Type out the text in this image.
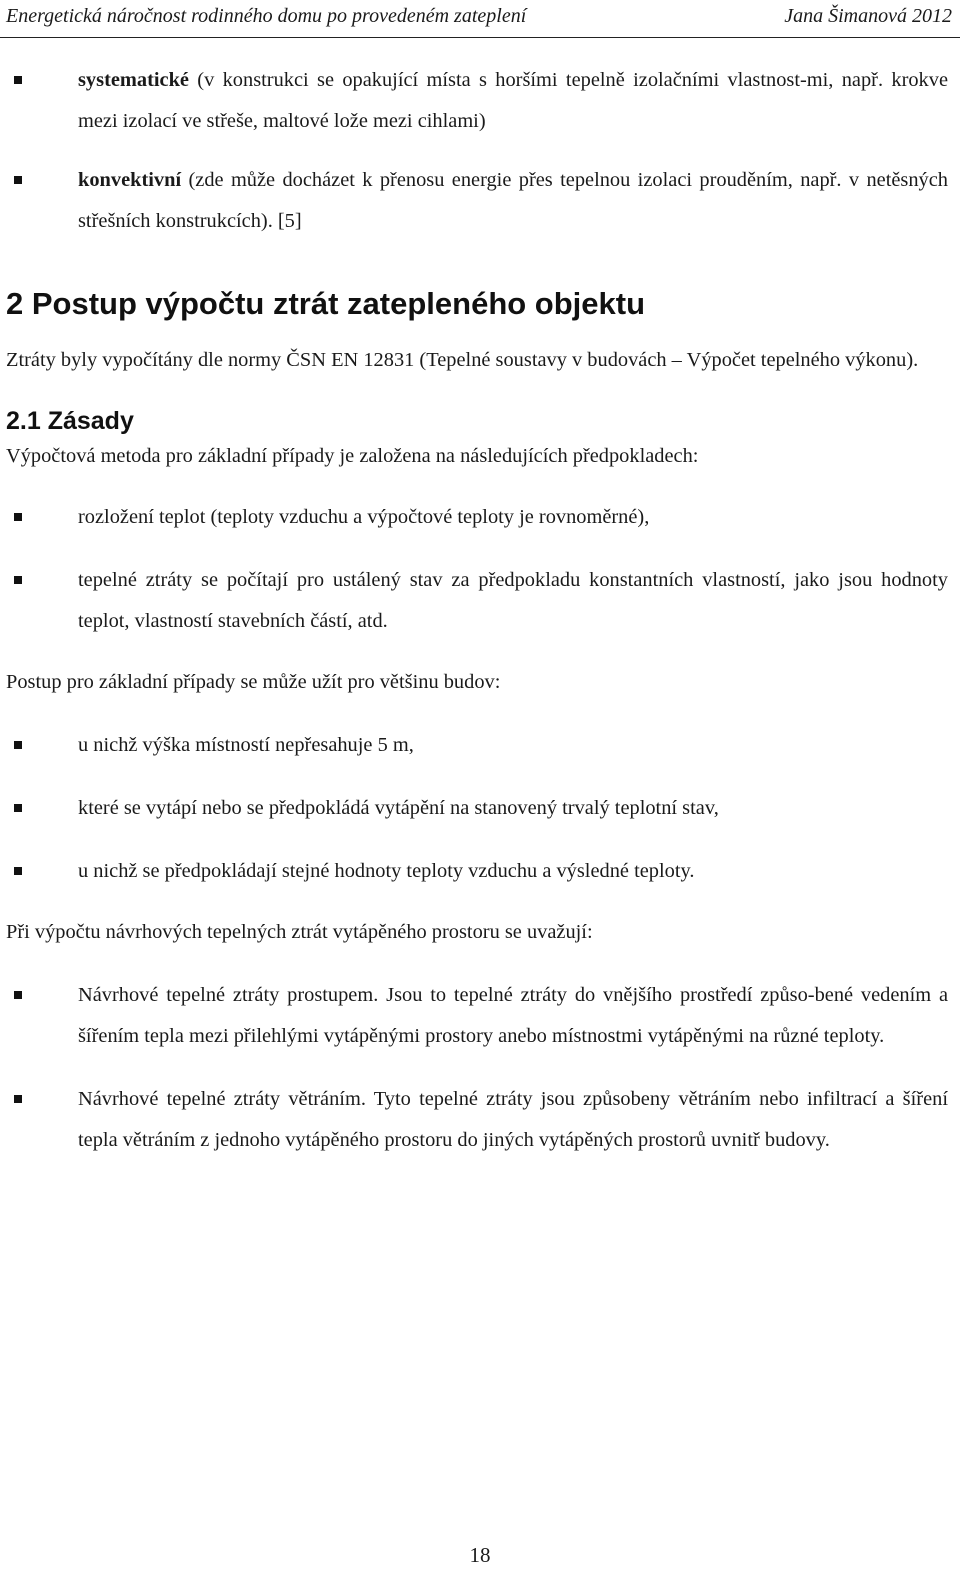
Energetická náročnost rodinného domu po provedeném zateplení	Jana Šimanová 2012
systematické (v konstrukci se opakující místa s horšími tepelně izolačními vlastnost-mi, např. krokve mezi izolací ve střeše, maltové lože mezi cihlami)
konvektivní (zde může docházet k přenosu energie přes tepelnou izolaci prouděním, např. v netěsných střešních konstrukcích). [5]
2 Postup výpočtu ztrát zatepleného objektu

Ztráty byly vypočítány dle normy ČSN EN 12831 (Tepelné soustavy v budovách – Výpočet tepelného výkonu).

2.1 Zásady

Výpočtová metoda pro základní případy je založena na následujících předpokladech:

rozložení teplot (teploty vzduchu a výpočtové teploty je rovnoměrné),
tepelné ztráty se počítají pro ustálený stav za předpokladu konstantních vlastností, jako jsou hodnoty teplot, vlastností stavebních částí, atd.

Postup pro základní případy se může užít pro většinu budov:

u nichž výška místností nepřesahuje 5 m,
které se vytápí nebo se předpokládá vytápění na stanovený trvalý teplotní stav,
u nichž se předpokládají stejné hodnoty teploty vzduchu a výsledné teploty.

Při výpočtu návrhových tepelných ztrát vytápěného prostoru se uvažují:

Návrhové tepelné ztráty prostupem. Jsou to tepelné ztráty do vnějšího prostředí způso-bené vedením a šířením tepla mezi přilehlými vytápěnými prostory anebo místnostmi vytápěnými na různé teploty.
Návrhové tepelné ztráty větráním. Tyto tepelné ztráty jsou způsobeny větráním nebo infiltrací a šíření tepla větráním z jednoho vytápěného prostoru do jiných vytápěných prostorů uvnitř budovy.
18
